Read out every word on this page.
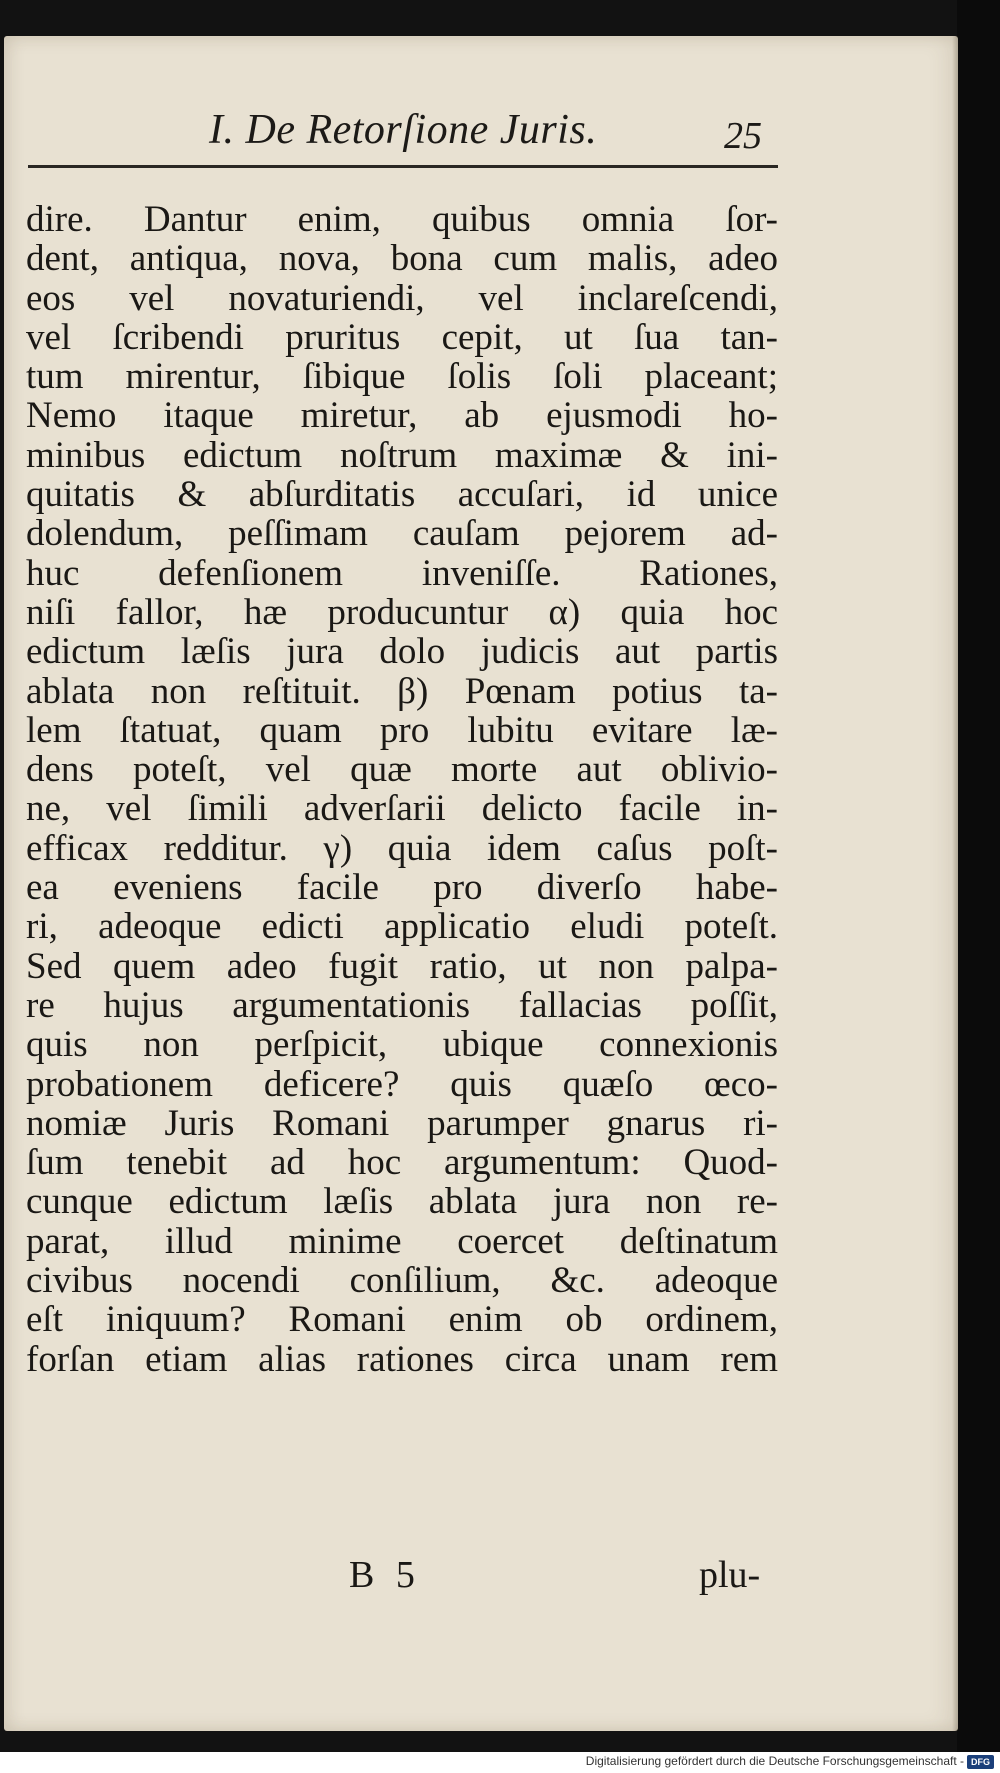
I. De Retorſione Juris.	25
dire. Dantur enim, quibus omnia ſor-
dent, antiqua, nova, bona cum malis, adeo
eos vel novaturiendi, vel inclareſcendi,
vel ſcribendi pruritus cepit, ut ſua tan-
tum mirentur, ſibique ſolis ſoli placeant;
Nemo itaque miretur, ab ejusmodi ho-
minibus edictum noſtrum maximæ & ini-
quitatis & abſurditatis accuſari, id unice
dolendum, peſſimam cauſam pejorem ad-
huc defenſionem inveniſſe. Rationes,
niſi fallor, hæ producuntur α) quia hoc
edictum læſis jura dolo judicis aut partis
ablata non reſtituit. β) Pœnam potius ta-
lem ſtatuat, quam pro lubitu evitare læ-
dens poteſt, vel quæ morte aut oblivio-
ne, vel ſimili adverſarii delicto facile in-
efficax redditur. γ) quia idem caſus poſt-
ea eveniens facile pro diverſo habe-
ri, adeoque edicti applicatio eludi poteſt.
Sed quem adeo fugit ratio, ut non palpa-
re hujus argumentationis fallacias poſſit,
quis non perſpicit, ubique connexionis
probationem deficere? quis quæſo œco-
nomiæ Juris Romani parumper gnarus ri-
ſum tenebit ad hoc argumentum: Quod-
cunque edictum læſis ablata jura non re-
parat, illud minime coercet deſtinatum
civibus nocendi conſilium, &c. adeoque
eſt iniquum? Romani enim ob ordinem,
forſan etiam alias rationes circa unam rem
B 5	plu-
Digitalisierung gefördert durch die Deutsche Forschungsgemeinschaft - DFG
